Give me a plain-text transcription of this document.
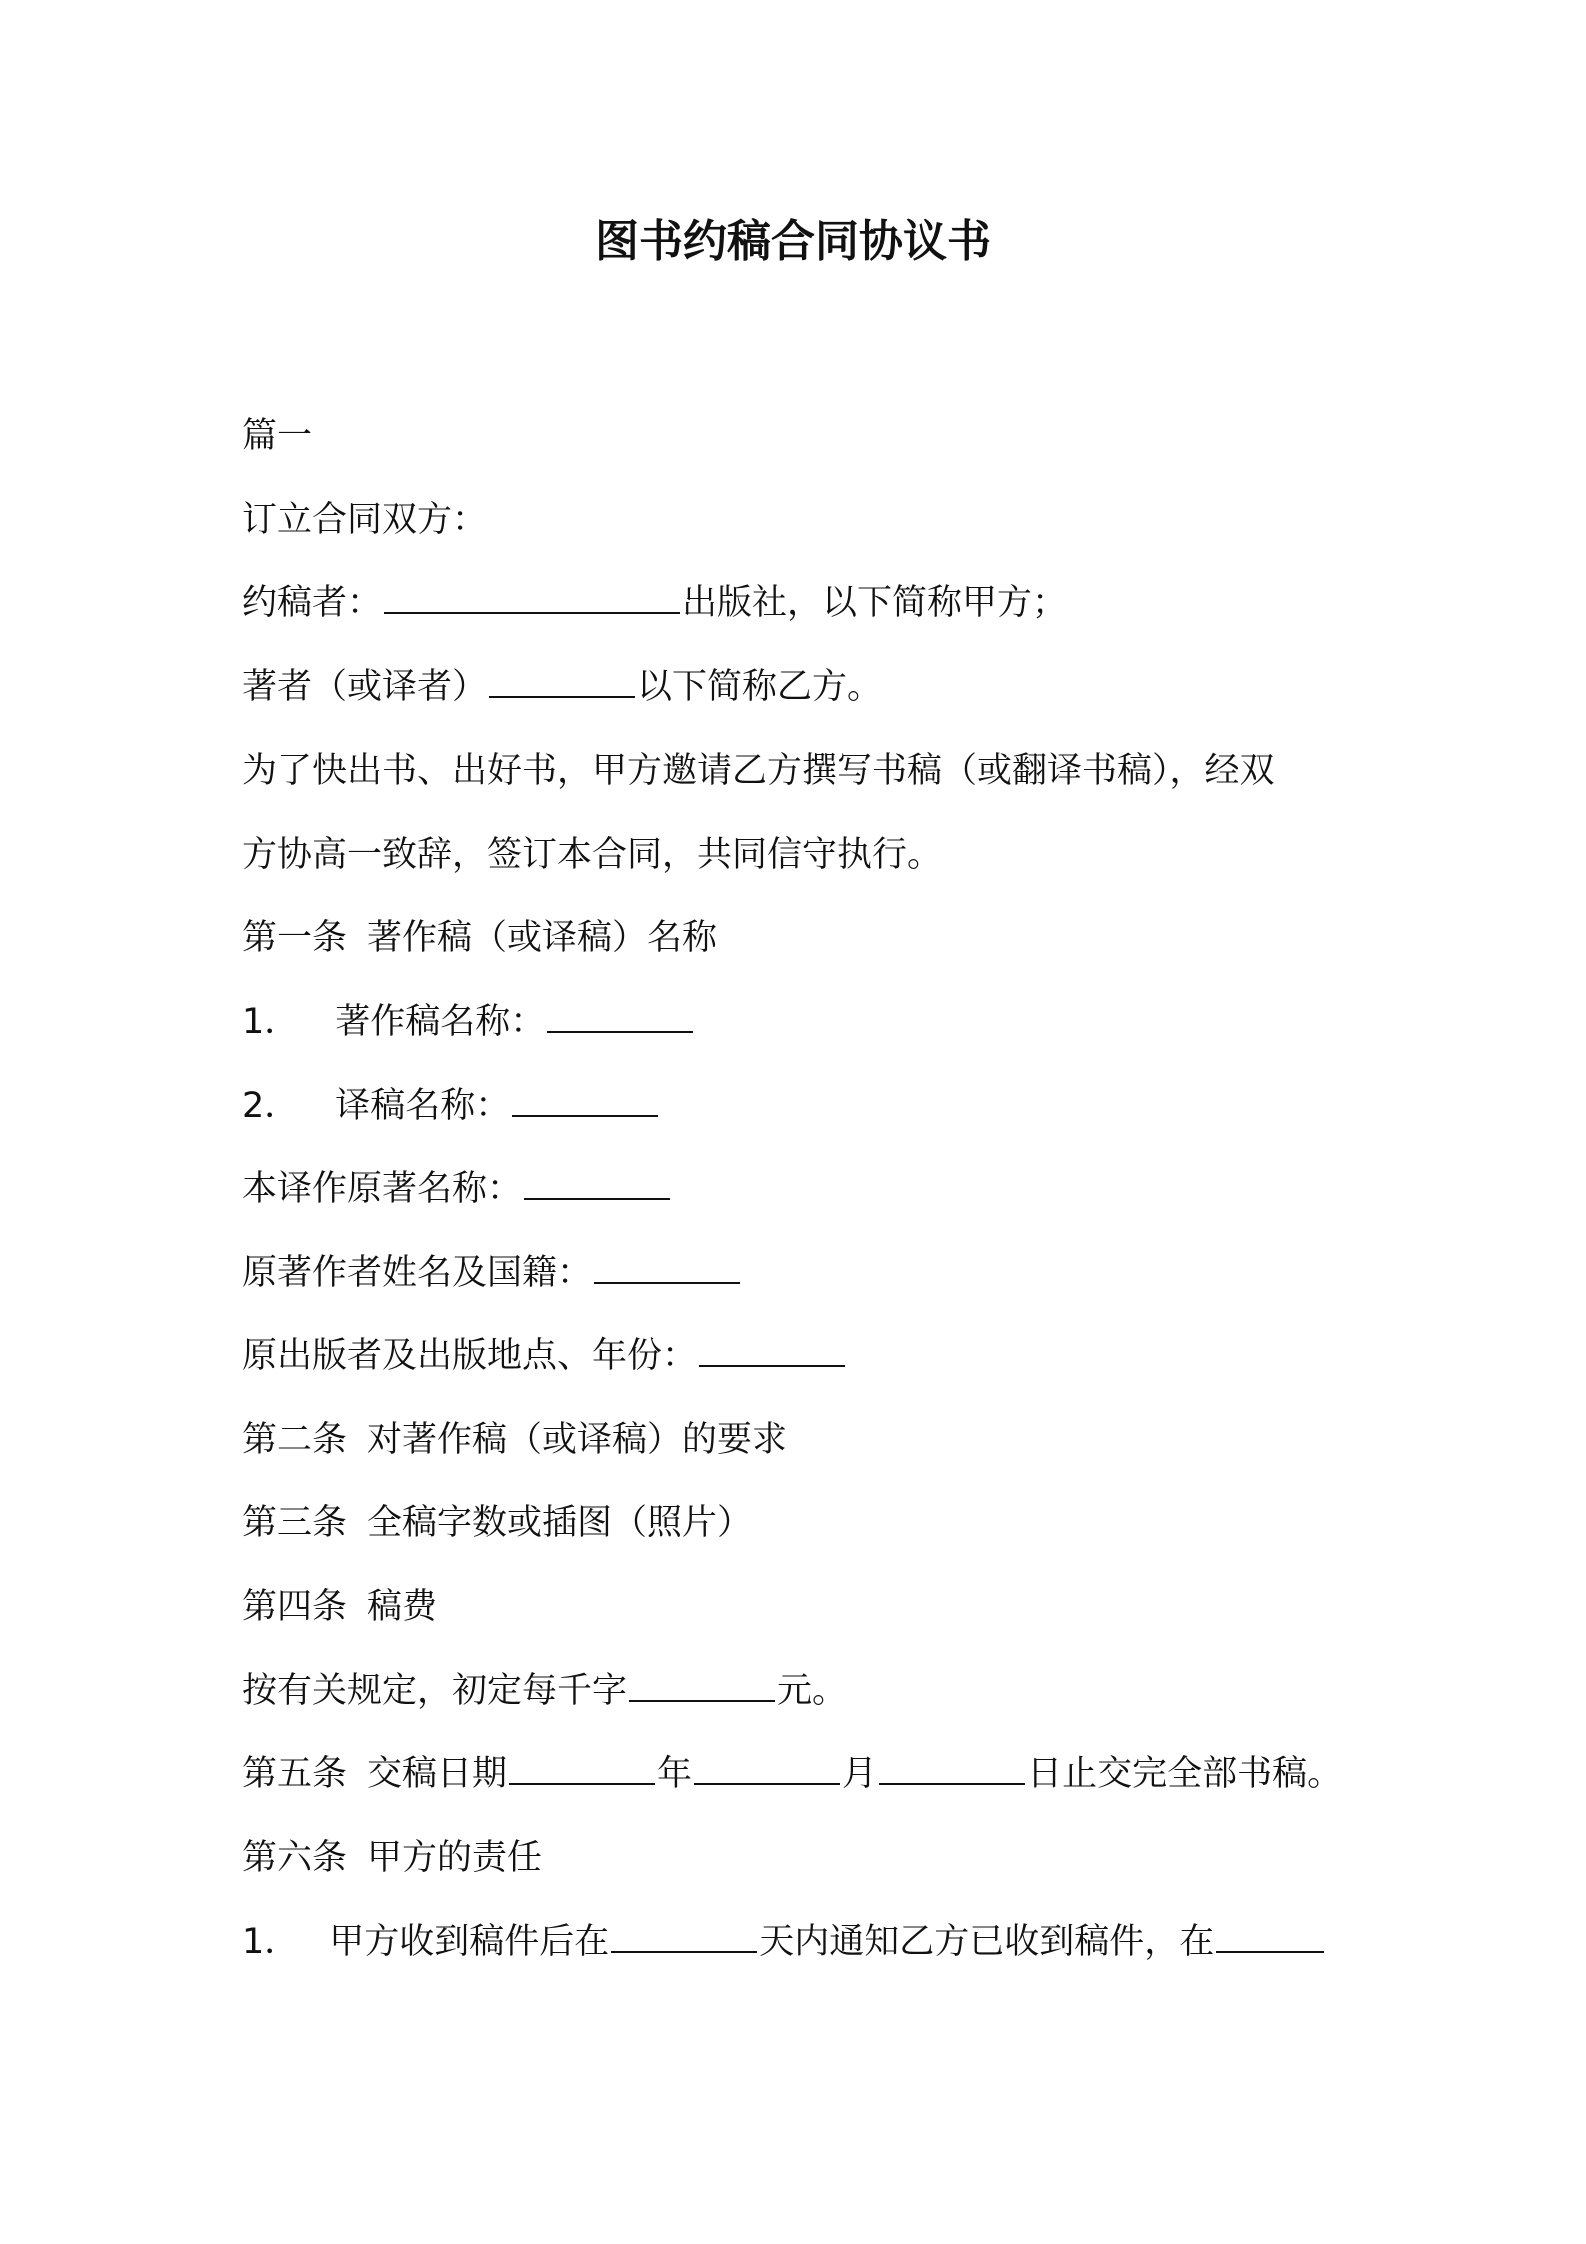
图书约稿合同协议书
篇一
订立合同双方：
约稿者：	出版社，以下简称甲方；
著者（或译者）	以下简称乙方。
为了快出书、出好书，甲方邀请乙方撰写书稿（或翻译书稿），经双
方协高一致辞，签订本合同，共同信守执行。
第一条 著作稿（或译稿）名称
1． 著作稿名称：
2． 译稿名称：
本译作原著名称：
原著作者姓名及国籍：
原出版者及出版地点、年份：
第二条 对著作稿（或译稿）的要求
第三条 全稿字数或插图（照片）
第四条 稿费
按有关规定，初定每千字	元。
第五条 交稿日期	年	月	日止交完全部书稿。
第六条 甲方的责任
1． 甲方收到稿件后在	天内通知乙方已收到稿件，在
